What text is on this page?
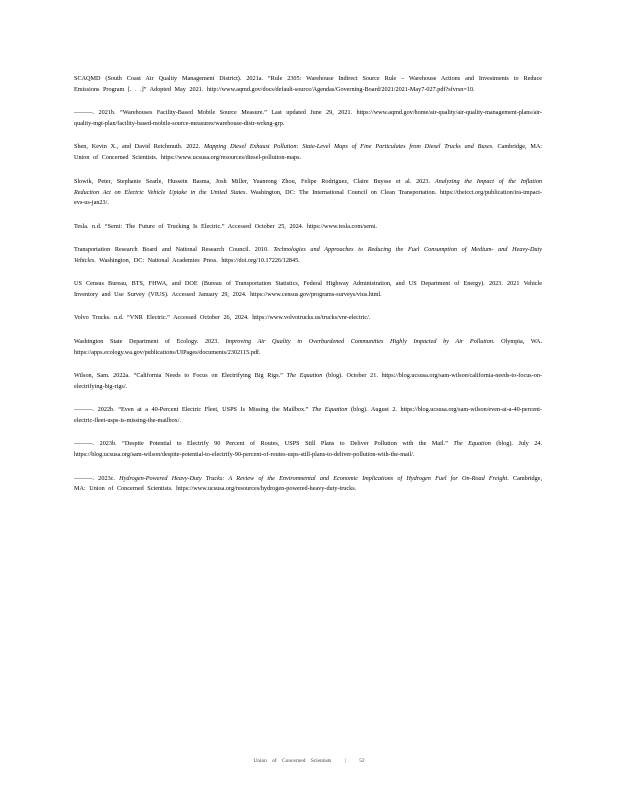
SCAQMD (South Coast Air Quality Management District). 2021a. “Rule 2305: Warehouse Indirect Source Rule – Warehouse Actions and Investments to Reduce Emissions Program [. . .]” Adopted May 2021. http://www.aqmd.gov/docs/default-source/Agendas/Governing-Board/2021/2021-May7-027.pdf?sfvrsn=10.

———. 2021b. “Warehouses Facility-Based Mobile Source Measure.” Last updated June 29, 2021. https://www.aqmd.gov/home/air-quality/air-quality-management-plans/air-quality-mgt-plan/facility-based-mobile-source-measures/warehouse-distr-wrkng-grp.

Shen, Kevin X., and David Reichmuth. 2022. Mapping Diesel Exhaust Pollution: State-Level Maps of Fine Particulates from Diesel Trucks and Buses. Cambridge, MA: Union of Concerned Scientists. https://www.ucsusa.org/resources/diesel-pollution-maps.

Slowik, Peter, Stephanie Searle, Hussein Basma, Josh Miller, Yuanrong Zhou, Felipe Rodriguez, Claire Buysse et al. 2023. Analyzing the Impact of the Inflation Reduction Act on Electric Vehicle Uptake in the United States. Washington, DC: The International Council on Clean Transportation. https://theicct.org/publication/ira-impact-evs-us-jan23/.

Tesla. n.d. “Semi: The Future of Trucking Is Electric.” Accessed October 25, 2024. https://www.tesla.com/semi.

Transportation Research Board and National Research Council. 2010. Technologies and Approaches to Reducing the Fuel Consumption of Medium- and Heavy-Duty Vehicles. Washington, DC: National Academies Press. https://doi.org/10.17226/12845.

US Census Bureau, BTS, FHWA, and DOE (Bureau of Transportation Statistics, Federal Highway Administration, and US Department of Energy). 2023. 2021 Vehicle Inventory and Use Survey (VIUS). Accessed January 29, 2024. https://www.census.gov/programs-surveys/vius.html.

Volvo Trucks. n.d. “VNR Electric.” Accessed October 26, 2024. https://www.volvotrucks.us/trucks/vnr-electric/.

Washington State Department of Ecology. 2023. Improving Air Quality in Overburdened Communities Highly Impacted by Air Pollution. Olympia, WA. https://apps.ecology.wa.gov/publications/UIPages/documents/2302115.pdf.

Wilson, Sam. 2022a. “California Needs to Focus on Electrifying Big Rigs.” The Equation (blog). October 21. https://blog.ucsusa.org/sam-wilson/california-needs-to-focus-on-electrifying-big-rigs/.

———. 2022b. “Even at a 40-Percent Electric Fleet, USPS Is Missing the Mailbox.” The Equation (blog). August 2. https://blog.ucsusa.org/sam-wilson/even-at-a-40-percent-electric-fleet-usps-is-missing-the-mailbox/.

———. 2023b. “Despite Potential to Electrify 90 Percent of Routes, USPS Still Plans to Deliver Pollution with the Mail.” The Equation (blog). July 24. https://blog.ucsusa.org/sam-wilson/despite-potential-to-electrify-90-percent-of-routes-usps-still-plans-to-deliver-pollution-with-the-mail/.

———. 2023c. Hydrogen-Powered Heavy-Duty Trucks: A Review of the Environmental and Economic Implications of Hydrogen Fuel for On-Road Freight. Cambridge, MA: Union of Concerned Scientists. https://www.ucsusa.org/resources/hydrogen-powered-heavy-duty-trucks.

Union of Concerned Scientists | 52
